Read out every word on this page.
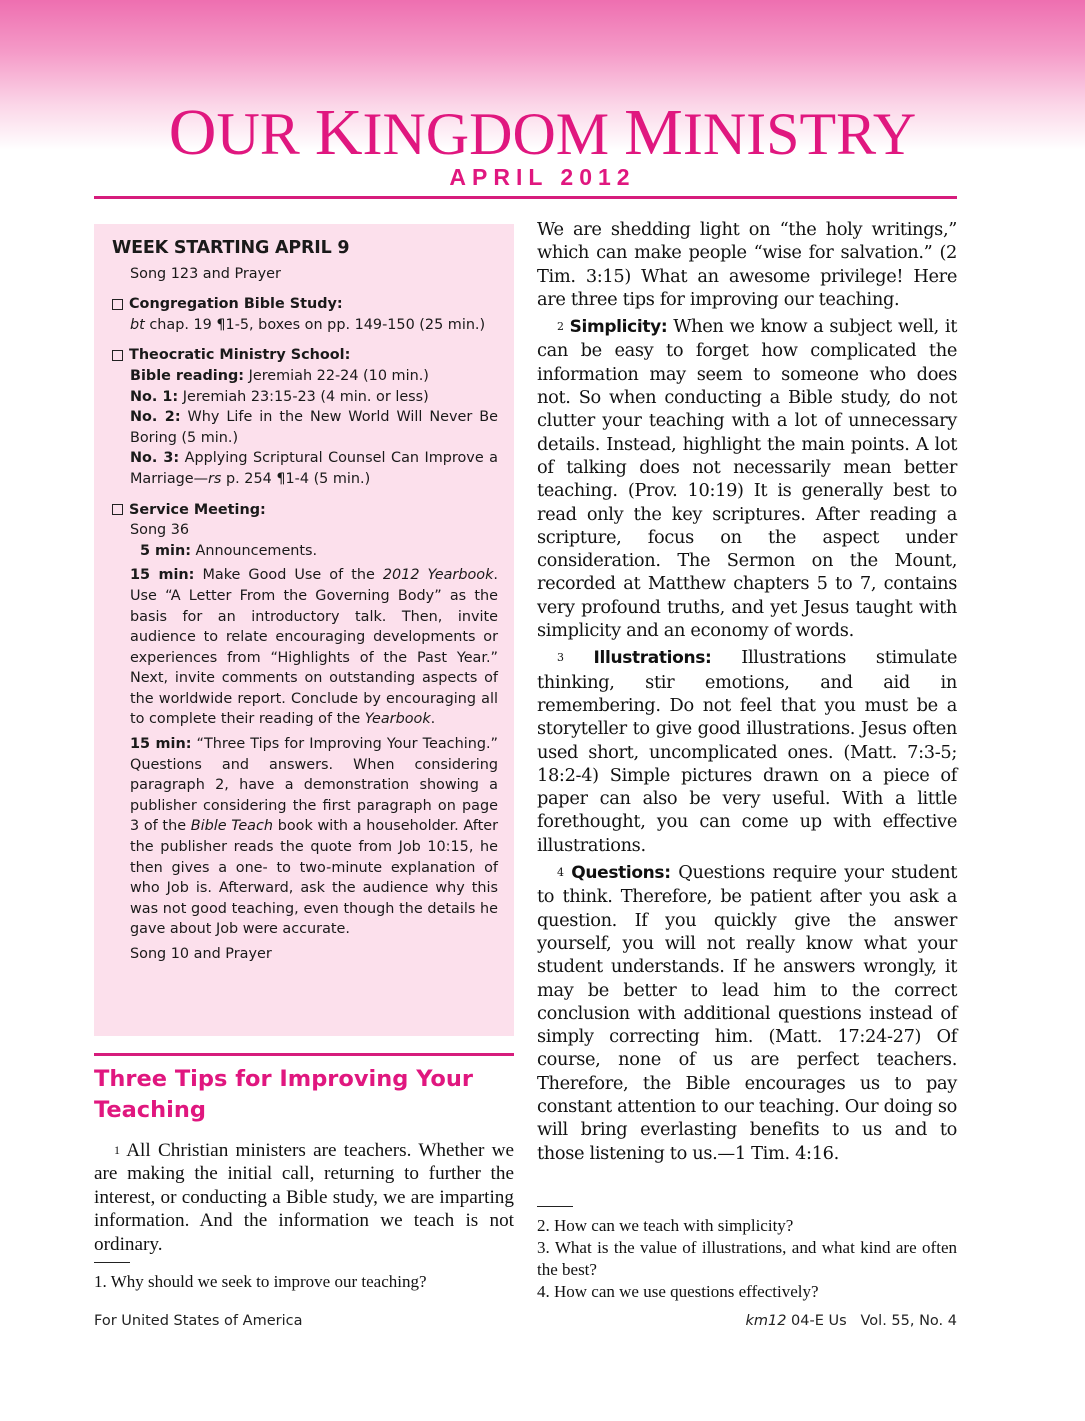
OUR KINGDOM MINISTRY
APRIL 2012
WEEK STARTING APRIL 9
Song 123 and Prayer
Congregation Bible Study:
bt chap. 19 ¶1-5, boxes on pp. 149-150 (25 min.)
Theocratic Ministry School:
Bible reading: Jeremiah 22-24 (10 min.)
No. 1: Jeremiah 23:15-23 (4 min. or less)
No. 2: Why Life in the New World Will Never Be Boring (5 min.)
No. 3: Applying Scriptural Counsel Can Improve a Marriage—rs p. 254 ¶1-4 (5 min.)
Service Meeting:
Song 36
5 min: Announcements.
15 min: Make Good Use of the 2012 Yearbook. Use “A Letter From the Governing Body” as the basis for an introductory talk. Then, invite audience to relate encouraging developments or experiences from “Highlights of the Past Year.” Next, invite comments on outstanding aspects of the worldwide report. Conclude by encouraging all to complete their reading of the Yearbook.
15 min: “Three Tips for Improving Your Teaching.” Questions and answers. When considering paragraph 2, have a demonstration showing a publisher considering the first paragraph on page 3 of the Bible Teach book with a householder. After the publisher reads the quote from Job 10:15, he then gives a one- to two-minute explanation of who Job is. Afterward, ask the audience why this was not good teaching, even though the details he gave about Job were accurate.
Song 10 and Prayer
Three Tips for Improving Your Teaching
$^1$ All Christian ministers are teachers. Whether we are making the initial call, returning to further the interest, or conducting a Bible study, we are imparting information. And the information we teach is not ordinary.
1. Why should we seek to improve our teaching?

We are shedding light on “the holy writings,” which can make people “wise for salvation.” (2 Tim. 3:15) What an awesome privilege! Here are three tips for improving our teaching.

$^2$ Simplicity: When we know a subject well, it can be easy to forget how complicated the information may seem to someone who does not. So when conducting a Bible study, do not clutter your teaching with a lot of unnecessary details. Instead, highlight the main points. A lot of talking does not necessarily mean better teaching. (Prov. 10:19) It is generally best to read only the key scriptures. After reading a scripture, focus on the aspect under consideration. The Sermon on the Mount, recorded at Matthew chapters 5 to 7, contains very profound truths, and yet Jesus taught with simplicity and an economy of words.

$^3$ Illustrations: Illustrations stimulate thinking, stir emotions, and aid in remembering. Do not feel that you must be a storyteller to give good illustrations. Jesus often used short, uncomplicated ones. (Matt. 7:3-5; 18:2-4) Simple pictures drawn on a piece of paper can also be very useful. With a little forethought, you can come up with effective illustrations.

$^4$ Questions: Questions require your student to think. Therefore, be patient after you ask a question. If you quickly give the answer yourself, you will not really know what your student understands. If he answers wrongly, it may be better to lead him to the correct conclusion with additional questions instead of simply correcting him. (Matt. 17:24-27) Of course, none of us are perfect teachers. Therefore, the Bible encourages us to pay constant attention to our teaching. Our doing so will bring everlasting benefits to us and to those listening to us.—1 Tim. 4:16.

2. How can we teach with simplicity?
3. What is the value of illustrations, and what kind are often the best?
4. How can we use questions effectively?
For United States of America	km12 04-E Us Vol. 55, No. 4
